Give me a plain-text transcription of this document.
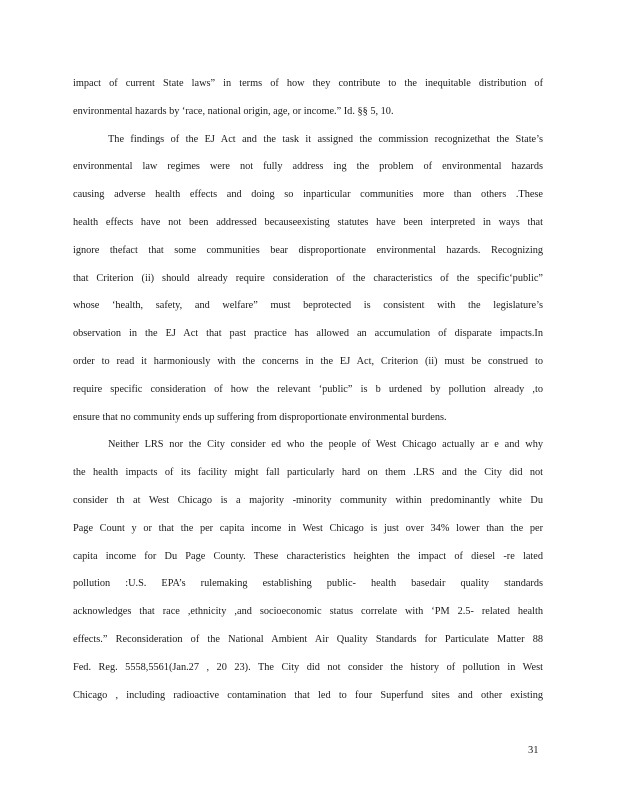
impact of current State laws” in terms of how they contribute to the inequitable distribution of
environmental hazards by ‘race, national origin, age, or income.” Id. §§ 5, 10.
The findings of the EJ Act and the task it assigned the commission recognizethat the State’s
environmental law regimes were not fully address ing the problem of environmental hazards
causing adverse health effects and doing so inparticular communities more than others .These
health effects have not been addressed becauseexisting statutes have been interpreted in ways that
ignore thefact that some communities bear disproportionate environmental hazards. Recognizing
that Criterion (ii) should already require consideration of the characteristics of the specific‘public”
whose ‘health, safety, and welfare” must beprotected is consistent with the legislature’s
observation in the EJ Act that past practice has allowed an accumulation of disparate impacts.In
order to read it harmoniously with the concerns in the EJ Act, Criterion (ii) must be construed to
require specific consideration of how the relevant ‘public” is b urdened by pollution already ,to
ensure that no community ends up suffering from disproportionate environmental burdens.
Neither LRS nor the City consider ed who the people of West Chicago actually ar e and why
the health impacts of its facility might fall particularly hard on them .LRS and the City did not
consider th at West Chicago is a majority -minority community within predominantly white Du
Page Count y or that the per capita income in West Chicago is just over 34% lower than the per
capita income for Du Page County. These characteristics heighten the impact of diesel -re lated
pollution :U.S. EPA’s rulemaking establishing public- health basedair quality standards
acknowledges that race ,ethnicity ,and socioeconomic status correlate with ‘PM 2.5- related health
effects.” Reconsideration of the National Ambient Air Quality Standards for Particulate Matter 88
Fed. Reg. 5558,5561(Jan.27 , 20 23). The City did not consider the history of pollution in West
Chicago , including radioactive contamination that led to four Superfund sites and other existing
31
